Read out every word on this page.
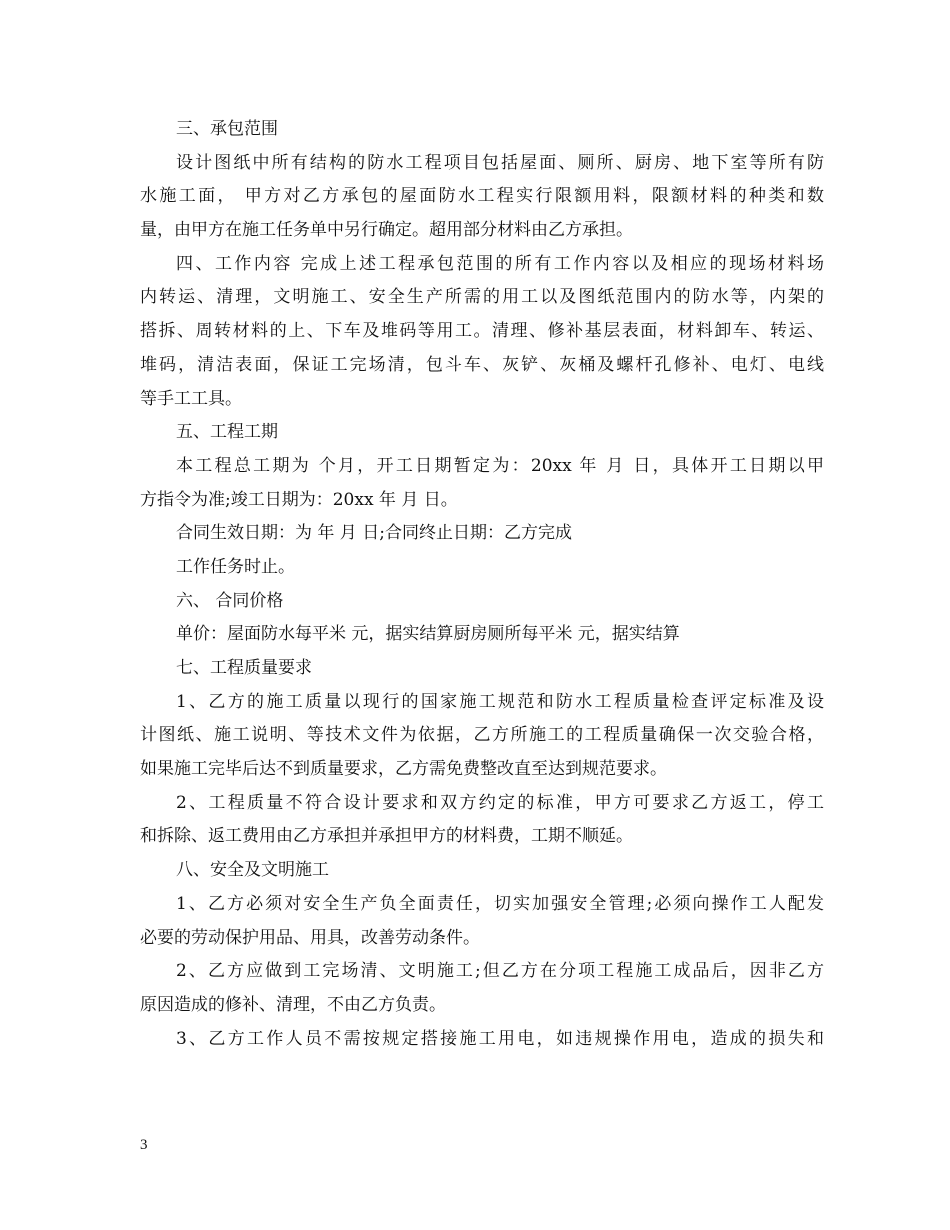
三、承包范围
设计图纸中所有结构的防水工程项目包括屋面、厕所、厨房、地下室等所有防
水施工面， 甲方对乙方承包的屋面防水工程实行限额用料，限额材料的种类和数
量，由甲方在施工任务单中另行确定。超用部分材料由乙方承担。
四、工作内容 完成上述工程承包范围的所有工作内容以及相应的现场材料场
内转运、清理，文明施工、安全生产所需的用工以及图纸范围内的防水等，内架的
搭拆、周转材料的上、下车及堆码等用工。清理、修补基层表面，材料卸车、转运、
堆码，清洁表面，保证工完场清，包斗车、灰铲、灰桶及螺杆孔修补、电灯、电线
等手工工具。
五、工程工期
本工程总工期为 个月，开工日期暂定为：20xx 年 月 日，具体开工日期以甲
方指令为准;竣工日期为：20xx 年 月 日。
合同生效日期：为 年 月 日;合同终止日期：乙方完成
工作任务时止。
六、 合同价格
单价：屋面防水每平米 元，据实结算厨房厕所每平米 元，据实结算
七、工程质量要求
1、乙方的施工质量以现行的国家施工规范和防水工程质量检查评定标准及设
计图纸、施工说明、等技术文件为依据，乙方所施工的工程质量确保一次交验合格，
如果施工完毕后达不到质量要求，乙方需免费整改直至达到规范要求。
2、工程质量不符合设计要求和双方约定的标准，甲方可要求乙方返工，停工
和拆除、返工费用由乙方承担并承担甲方的材料费，工期不顺延。
八、安全及文明施工
1、乙方必须对安全生产负全面责任，切实加强安全管理;必须向操作工人配发
必要的劳动保护用品、用具，改善劳动条件。
2、乙方应做到工完场清、文明施工;但乙方在分项工程施工成品后，因非乙方
原因造成的修补、清理，不由乙方负责。
3、乙方工作人员不需按规定搭接施工用电，如违规操作用电，造成的损失和
3
